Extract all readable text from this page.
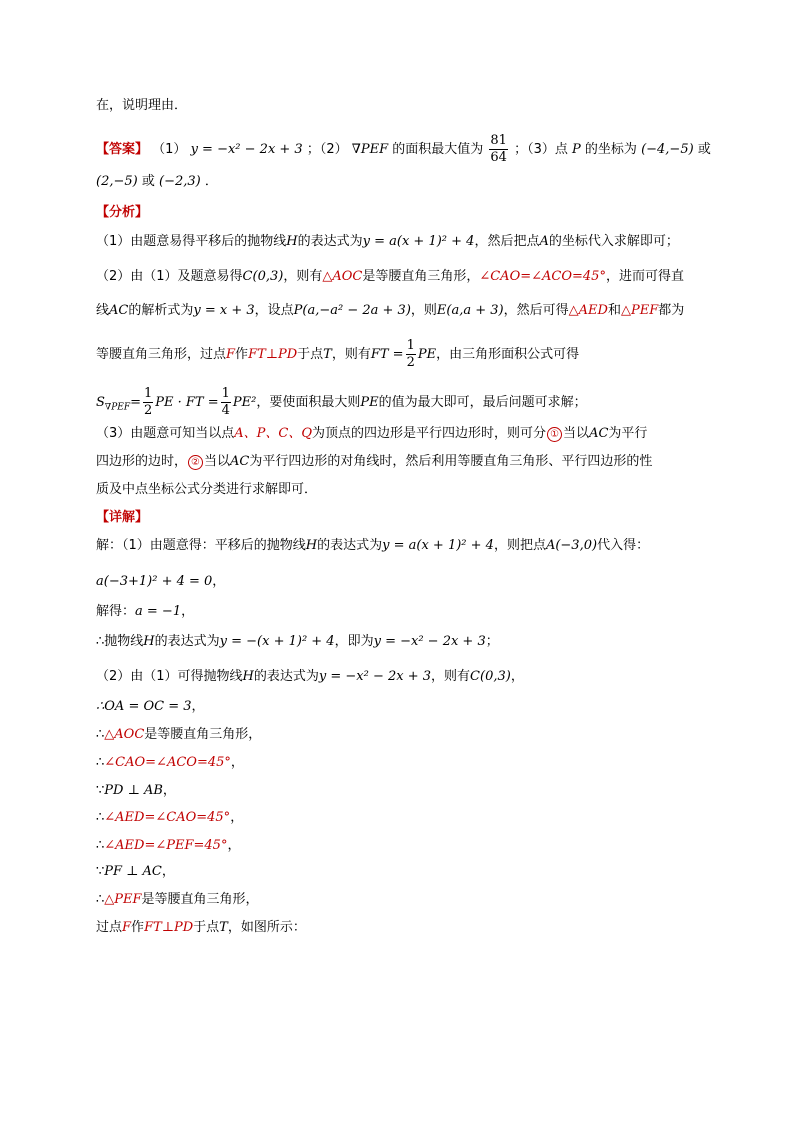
在，说明理由．
【答案】 （1） y = −x² − 2x + 3 ；（2） ∇PEF 的面积最大值为 $\frac{81}{64}$ ；（3）点 P 的坐标为 (−4,−5) 或
(2,−5) 或 (−2,3) ．
【分析】
（1）由题意易得平移后的抛物线H的表达式为y = a(x + 1)² + 4，然后把点A的坐标代入求解即可；
（2）由（1）及题意易得C(0,3)，则有△AOC是等腰直角三角形，∠CAO=∠ACO=45°，进而可得直
线AC的解析式为y = x + 3，设点P(a,−a² − 2a + 3)，则E(a,a + 3)，然后可得△AED和△PEF都为
等腰直角三角形，过点F作FT⊥PD于点T，则有FT = $\frac{1}{2}$ PE，由三角形面积公式可得
$S_{\nabla PEF}= \frac{1}{2}$ PE · FT = $\frac{1}{4} PE^2$，要使面积最大则PE的值为最大即可，最后问题可求解；
（3）由题意可知当以点A、P、C、Q为顶点的四边形是平行四边形时，则可分 ① 当以AC为平行
四边形的边时， ② 当以AC为平行四边形的对角线时，然后利用等腰直角三角形、平行四边形的性
质及中点坐标公式分类进行求解即可．
【详解】
解：（1）由题意得：平移后的抛物线H的表达式为y = a(x + 1)² + 4，则把点A(−3,0)代入得：
a(−3+1)² + 4 = 0，
解得：a = −1，
∴抛物线H的表达式为y = −(x + 1)² + 4，即为y = −x² − 2x + 3；
（2）由（1）可得抛物线H的表达式为y = −x² − 2x + 3，则有C(0,3)，
∴OA = OC = 3，
∴△AOC是等腰直角三角形，
∴∠CAO=∠ACO=45°，
∵PD ⊥ AB，
∴∠AED=∠CAO=45°，
∴∠AED=∠PEF=45°，
∵PF ⊥ AC，
∴△PEF是等腰直角三角形，
过点F作FT⊥PD于点T，如图所示：
